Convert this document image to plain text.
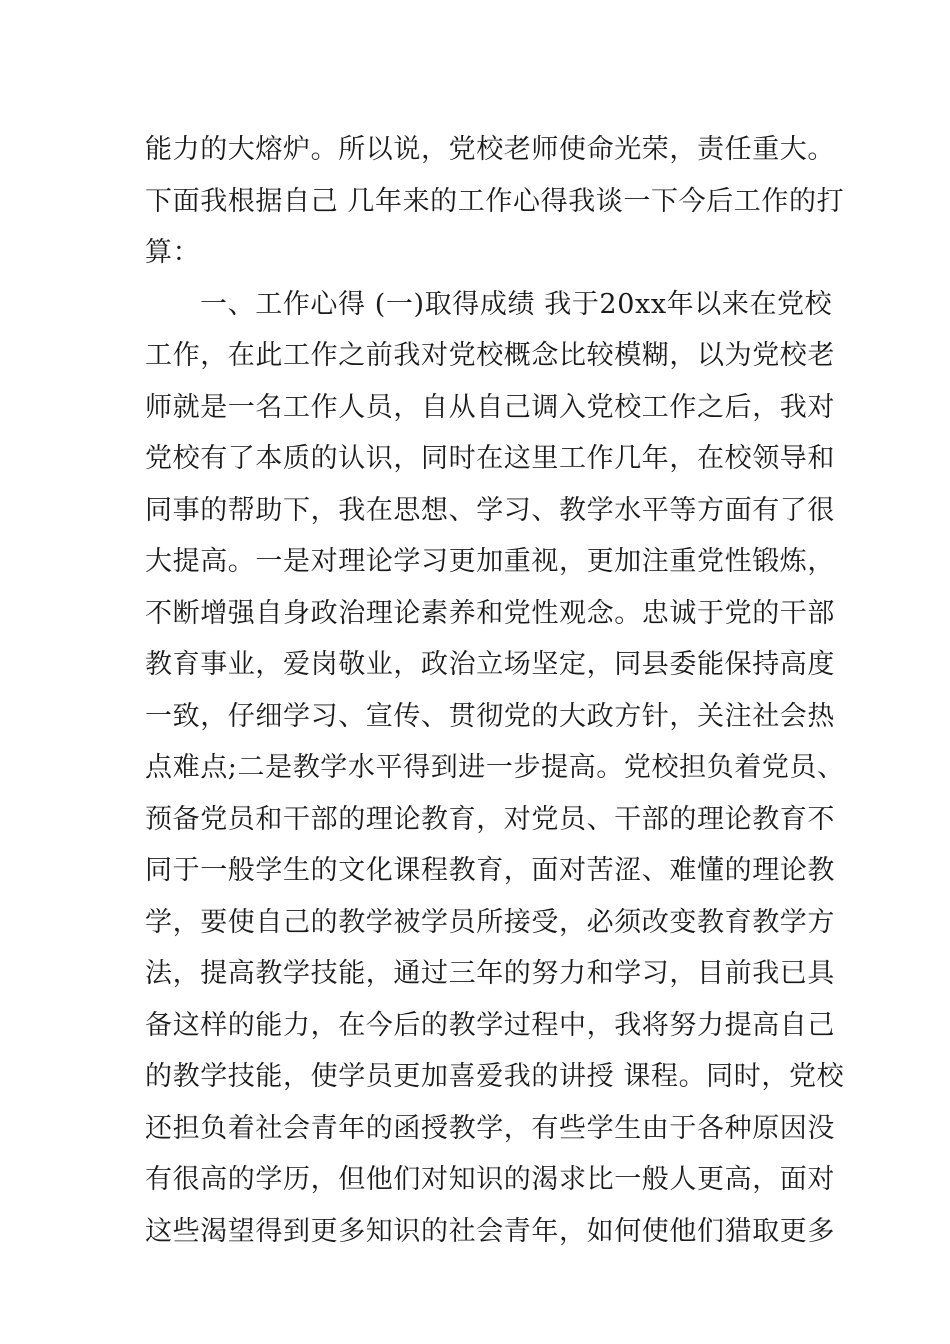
能力的大熔炉。所以说，党校老师使命光荣，责任重大。
下面我根据自己 几年来的工作心得我谈一下今后工作的打
算：
一、工作心得 (一)取得成绩 我于20xx年以来在党校
工作，在此工作之前我对党校概念比较模糊，以为党校老
师就是一名工作人员，自从自己调入党校工作之后，我对
党校有了本质的认识，同时在这里工作几年，在校领导和
同事的帮助下，我在思想、学习、教学水平等方面有了很
大提高。一是对理论学习更加重视，更加注重党性锻炼，
不断增强自身政治理论素养和党性观念。忠诚于党的干部
教育事业，爱岗敬业，政治立场坚定，同县委能保持高度
一致，仔细学习、宣传、贯彻党的大政方针，关注社会热
点难点;二是教学水平得到进一步提高。党校担负着党员、
预备党员和干部的理论教育，对党员、干部的理论教育不
同于一般学生的文化课程教育，面对苦涩、难懂的理论教
学，要使自己的教学被学员所接受，必须改变教育教学方
法，提高教学技能，通过三年的努力和学习，目前我已具
备这样的能力，在今后的教学过程中，我将努力提高自己
的教学技能，使学员更加喜爱我的讲授 课程。同时，党校
还担负着社会青年的函授教学，有些学生由于各种原因没
有很高的学历，但他们对知识的渴求比一般人更高，面对
这些渴望得到更多知识的社会青年，如何使他们猎取更多
